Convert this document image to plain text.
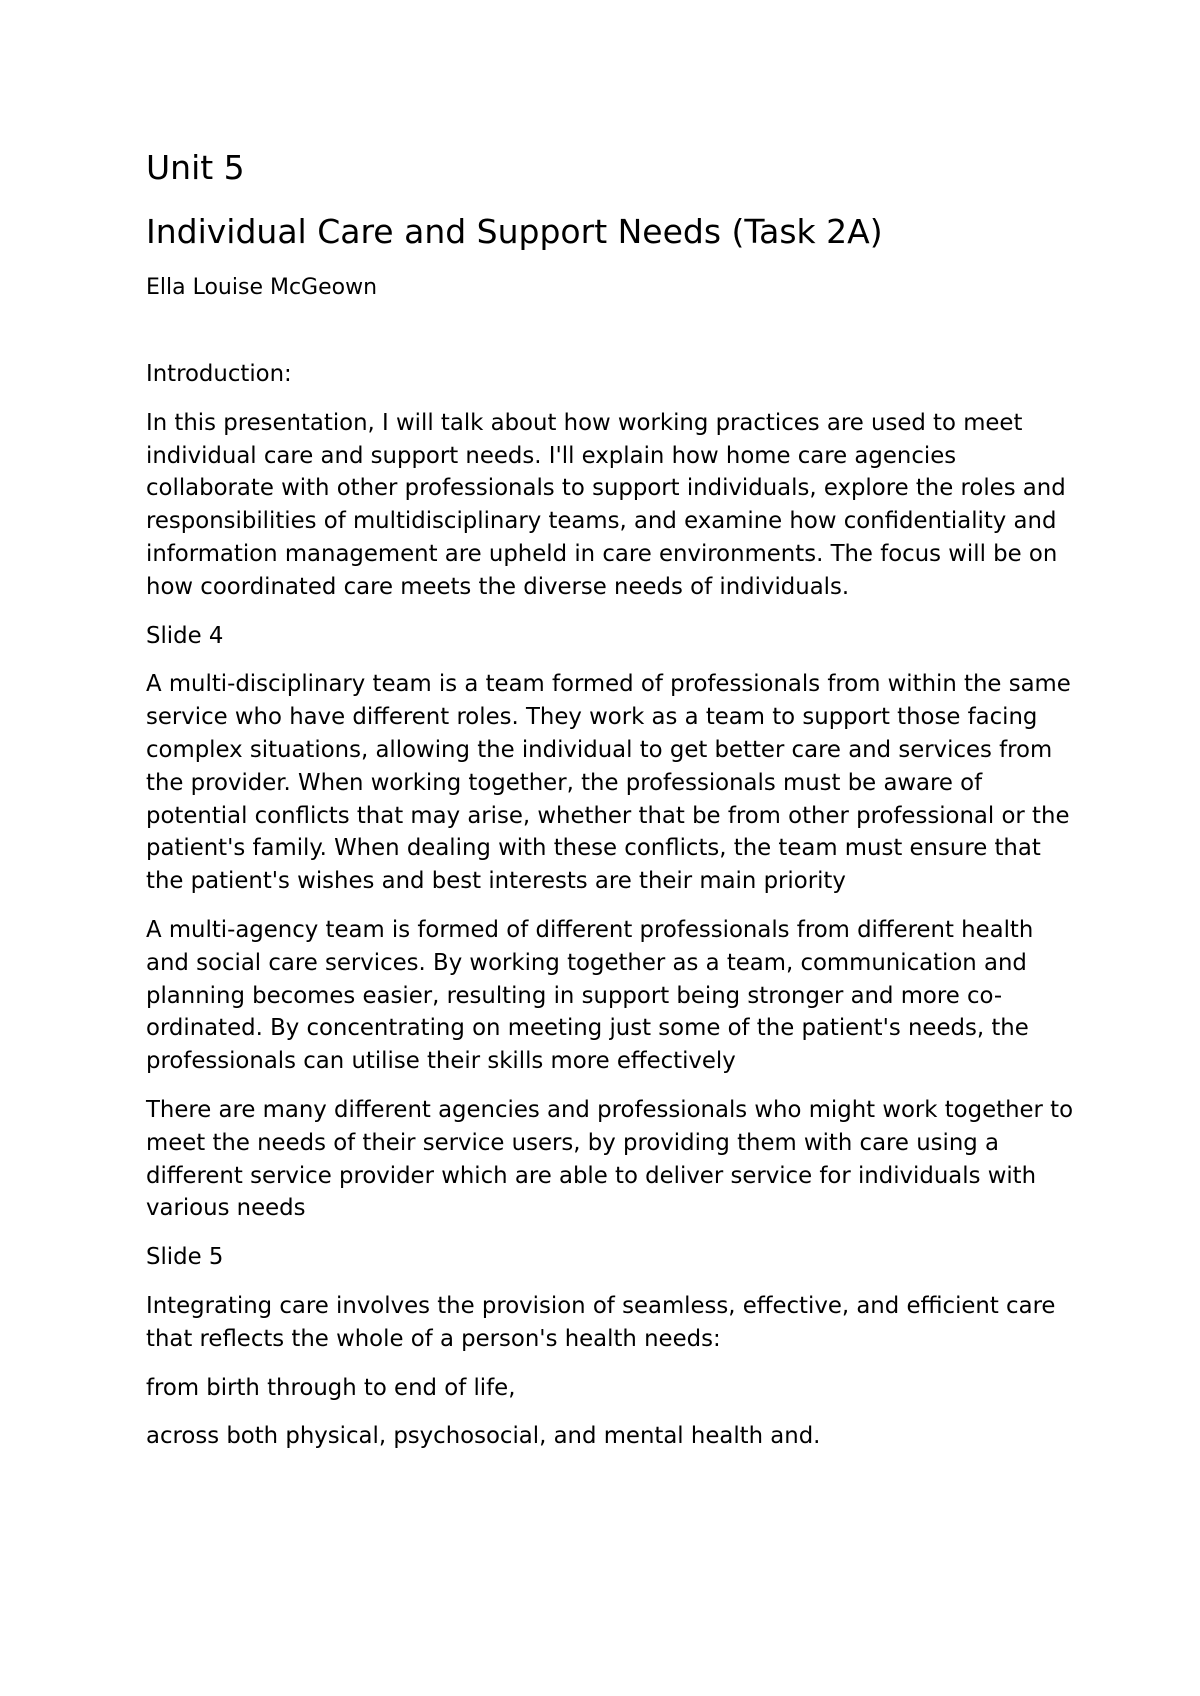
Unit 5
Individual Care and Support Needs (Task 2A)

Ella Louise McGeown

Introduction:

In this presentation, I will talk about how working practices are used to meet individual care and support needs. I'll explain how home care agencies collaborate with other professionals to support individuals, explore the roles and responsibilities of multidisciplinary teams, and examine how confidentiality and information management are upheld in care environments. The focus will be on how coordinated care meets the diverse needs of individuals.

Slide 4

A multi-disciplinary team is a team formed of professionals from within the same service who have different roles. They work as a team to support those facing complex situations, allowing the individual to get better care and services from the provider. When working together, the professionals must be aware of potential conflicts that may arise, whether that be from other professional or the patient's family. When dealing with these conflicts, the team must ensure that the patient's wishes and best interests are their main priority

A multi-agency team is formed of different professionals from different health and social care services. By working together as a team, communication and planning becomes easier, resulting in support being stronger and more co-ordinated. By concentrating on meeting just some of the patient's needs, the professionals can utilise their skills more effectively

There are many different agencies and professionals who might work together to meet the needs of their service users, by providing them with care using a different service provider which are able to deliver service for individuals with various needs

Slide 5

Integrating care involves the provision of seamless, effective, and efficient care that reflects the whole of a person's health needs:

from birth through to end of life,

across both physical, psychosocial, and mental health and.
